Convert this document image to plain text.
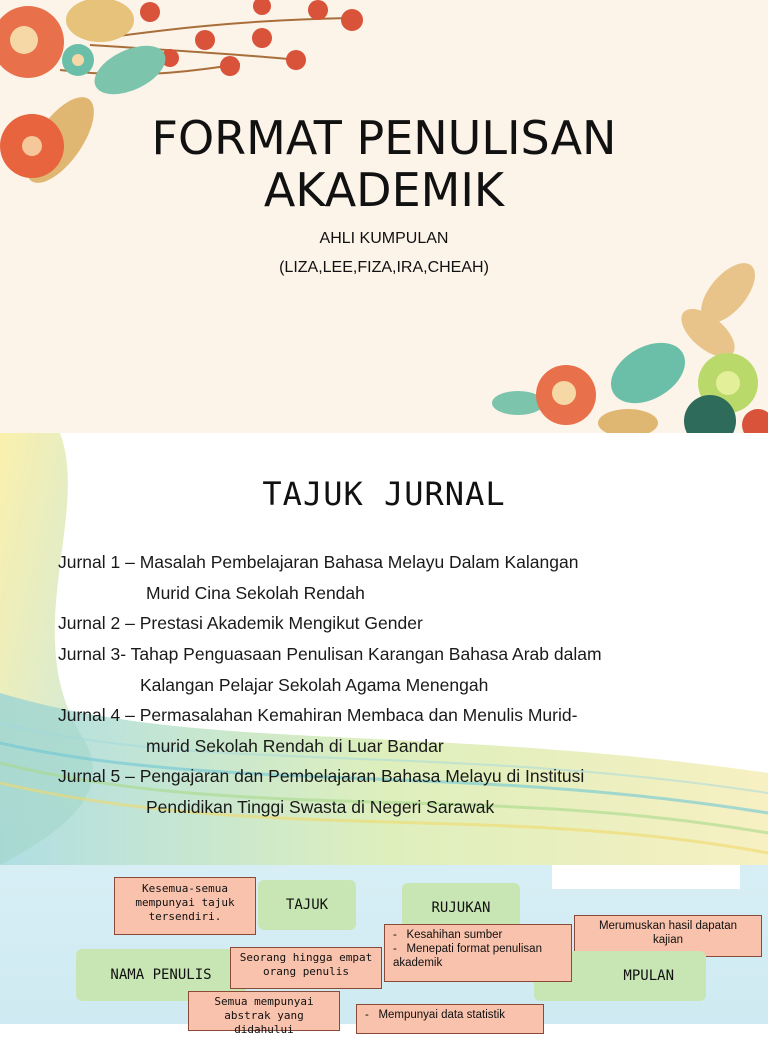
FORMAT PENULISAN
AKADEMIK
AHLI KUMPULAN
(LIZA,LEE,FIZA,IRA,CHEAH)
TAJUK JURNAL
Jurnal 1 – Masalah Pembelajaran Bahasa Melayu Dalam Kalangan
Murid Cina Sekolah Rendah
Jurnal 2 – Prestasi Akademik Mengikut Gender
Jurnal 3- Tahap Penguasaan Penulisan Karangan Bahasa Arab dalam
Kalangan Pelajar Sekolah Agama Menengah
Jurnal 4 – Permasalahan Kemahiran Membaca dan Menulis Murid-
murid Sekolah Rendah di Luar Bandar
Jurnal 5 – Pengajaran dan Pembelajaran Bahasa Melayu di Institusi
Pendidikan Tinggi Swasta di Negeri Sarawak
Kesemua-semua mempunyai tajuk tersendiri.
TAJUK	RUJUKAN
Merumuskan hasil dapatan
kajian
MPULAN
- Kesahihan sumber
- Menepati format penulisan akademik
NAMA PENULIS
Seorang hingga empat orang penulis
Semua mempunyai
abstrak yang didahului
- Mempunyai data statistik
